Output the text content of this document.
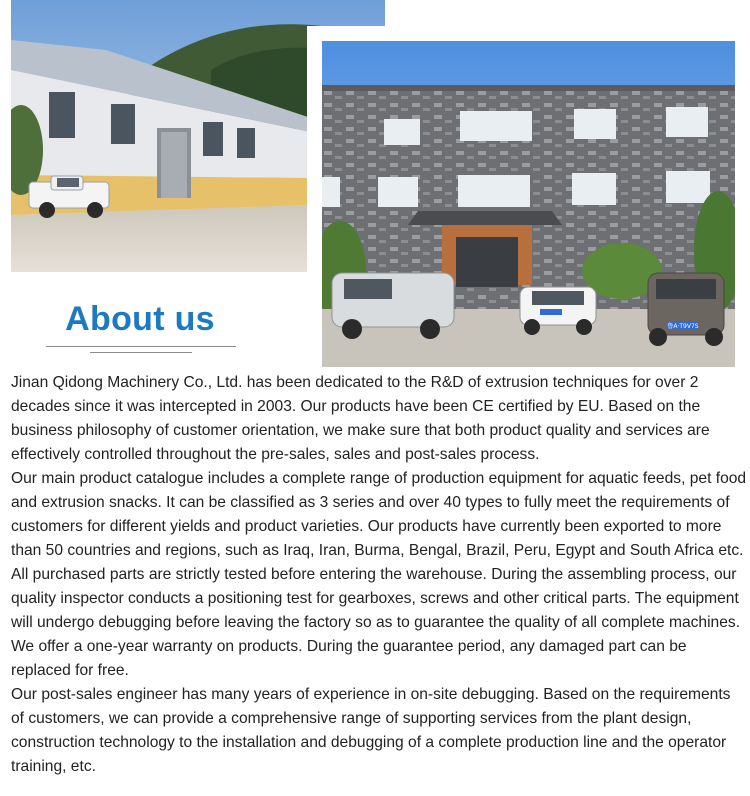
鲁A·T9V7S
About us

Jinan Qidong Machinery Co., Ltd. has been dedicated to the R&D of extrusion techniques for over 2 decades since it was intercepted in 2003. Our products have been CE certified by EU. Based on the business philosophy of customer orientation, we make sure that both product quality and services are effectively controlled throughout the pre-sales, sales and post-sales process.

Our main product catalogue includes a complete range of production equipment for aquatic feeds, pet food and extrusion snacks. It can be classified as 3 series and over 40 types to fully meet the requirements of customers for different yields and product varieties. Our products have currently been exported to more than 50 countries and regions, such as Iraq, Iran, Burma, Bengal, Brazil, Peru, Egypt and South Africa etc.

All purchased parts are strictly tested before entering the warehouse. During the assembling process, our quality inspector conducts a positioning test for gearboxes, screws and other critical parts. The equipment will undergo debugging before leaving the factory so as to guarantee the quality of all complete machines. We offer a one-year warranty on products. During the guarantee period, any damaged part can be replaced for free.

Our post-sales engineer has many years of experience in on-site debugging. Based on the requirements of customers, we can provide a comprehensive range of supporting services from the plant design, construction technology to the installation and debugging of a complete production line and the operator training, etc.
